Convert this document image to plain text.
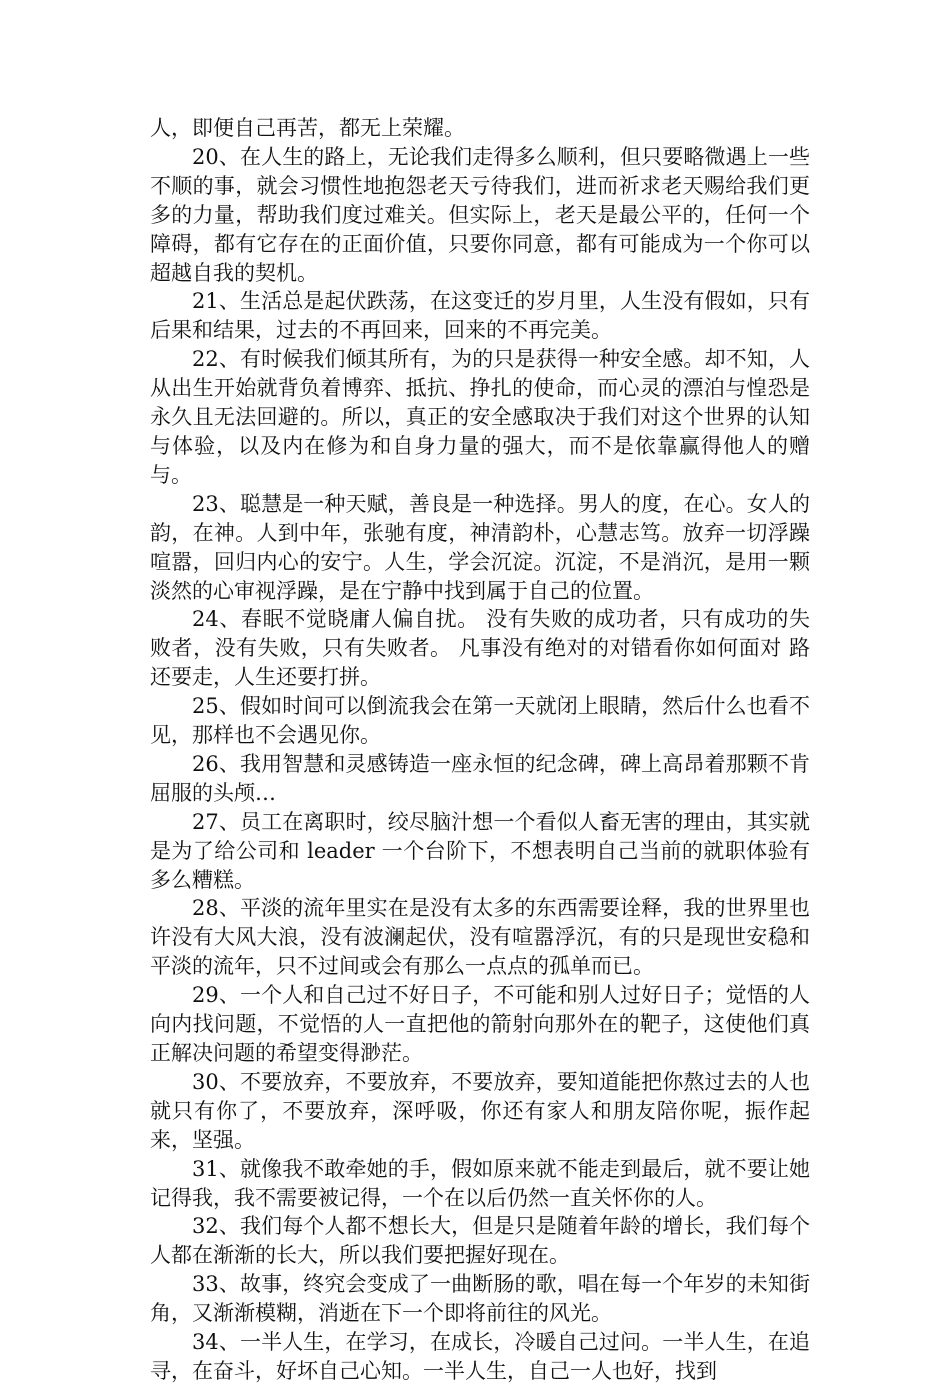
人，即便自己再苦，都无上荣耀。

20、在人生的路上，无论我们走得多么顺利，但只要略微遇上一些不顺的事，就会习惯性地抱怨老天亏待我们，进而祈求老天赐给我们更多的力量，帮助我们度过难关。但实际上，老天是最公平的，任何一个障碍，都有它存在的正面价值，只要你同意，都有可能成为一个你可以超越自我的契机。

21、生活总是起伏跌荡，在这变迁的岁月里，人生没有假如，只有后果和结果，过去的不再回来，回来的不再完美。

22、有时候我们倾其所有，为的只是获得一种安全感。却不知，人从出生开始就背负着博弈、抵抗、挣扎的使命，而心灵的漂泊与惶恐是永久且无法回避的。所以，真正的安全感取决于我们对这个世界的认知与体验，以及内在修为和自身力量的强大，而不是依靠赢得他人的赠与。

23、聪慧是一种天赋，善良是一种选择。男人的度，在心。女人的韵，在神。人到中年，张驰有度，神清韵朴，心慧志笃。放弃一切浮躁喧嚣，回归内心的安宁。人生，学会沉淀。沉淀，不是消沉，是用一颗淡然的心审视浮躁，是在宁静中找到属于自己的位置。

24、春眠不觉晓庸人偏自扰。 没有失败的成功者，只有成功的失败者，没有失败，只有失败者。 凡事没有绝对的对错看你如何面对 路还要走，人生还要打拼。

25、假如时间可以倒流我会在第一天就闭上眼睛，然后什么也看不见，那样也不会遇见你。

26、我用智慧和灵感铸造一座永恒的纪念碑，碑上高昂着那颗不肯屈服的头颅…

27、员工在离职时，绞尽脑汁想一个看似人畜无害的理由，其实就是为了给公司和 leader 一个台阶下，不想表明自己当前的就职体验有多么糟糕。

28、平淡的流年里实在是没有太多的东西需要诠释，我的世界里也许没有大风大浪，没有波澜起伏，没有喧嚣浮沉，有的只是现世安稳和平淡的流年，只不过间或会有那么一点点的孤单而已。

29、一个人和自己过不好日子，不可能和别人过好日子；觉悟的人向内找问题，不觉悟的人一直把他的箭射向那外在的靶子，这使他们真正解决问题的希望变得渺茫。

30、不要放弃，不要放弃，不要放弃，要知道能把你熬过去的人也就只有你了，不要放弃，深呼吸，你还有家人和朋友陪你呢，振作起来，坚强。

31、就像我不敢牵她的手，假如原来就不能走到最后，就不要让她记得我，我不需要被记得，一个在以后仍然一直关怀你的人。

32、我们每个人都不想长大，但是只是随着年龄的增长，我们每个人都在渐渐的长大，所以我们要把握好现在。

33、故事，终究会变成了一曲断肠的歌，唱在每一个年岁的未知街角，又渐渐模糊，消逝在下一个即将前往的风光。

34、一半人生，在学习，在成长，冷暖自己过问。一半人生，在追寻，在奋斗，好坏自己心知。一半人生，自己一人也好，找到
